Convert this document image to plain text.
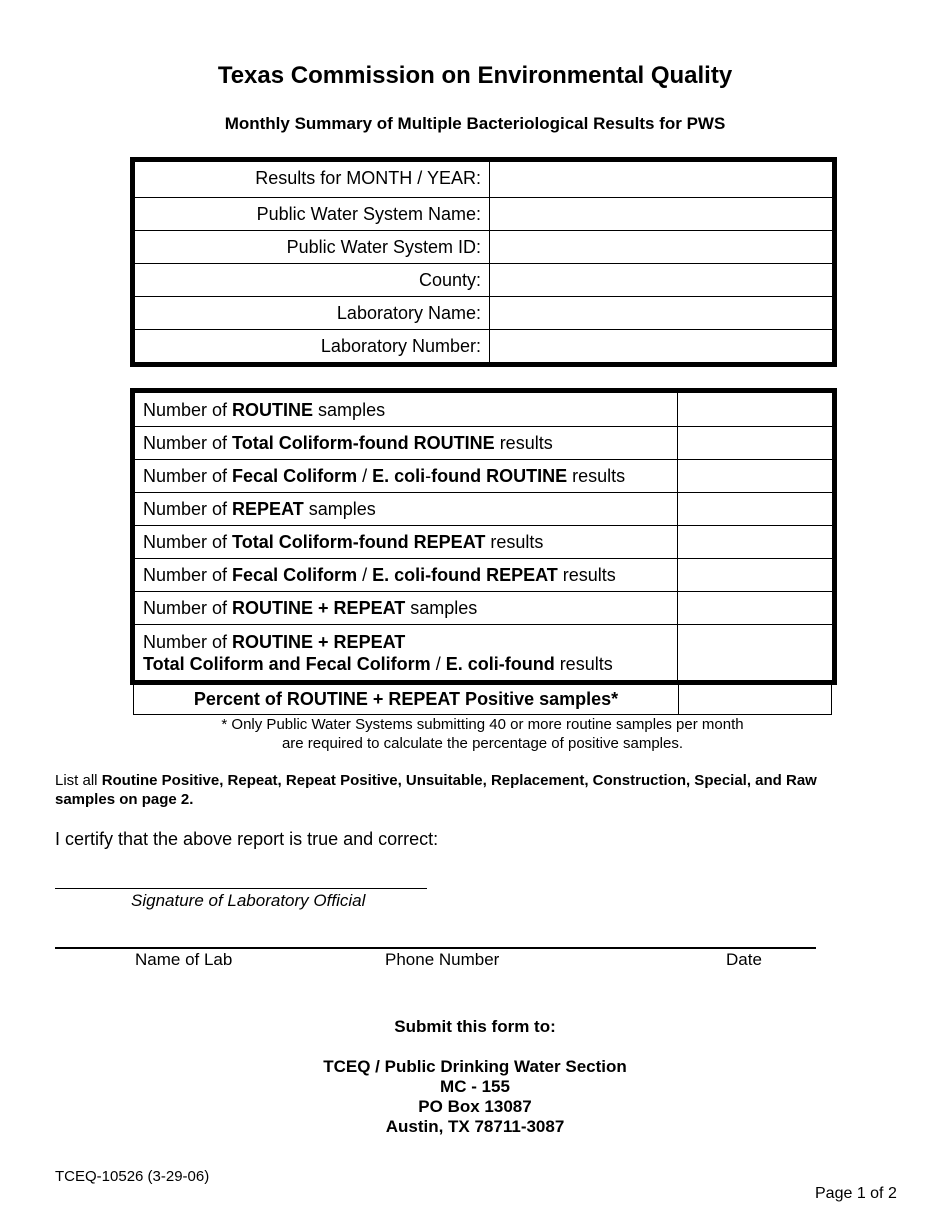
Texas Commission on Environmental Quality
Monthly Summary of Multiple Bacteriological Results for PWS
Results for MONTH / YEAR:
Public Water System Name:
Public Water System ID:
County:
Laboratory Name:
Laboratory Number:
Number of ROUTINE samples
Number of Total Coliform-found ROUTINE results
Number of Fecal Coliform / E. coli-found ROUTINE results
Number of REPEAT samples
Number of Total Coliform-found REPEAT results
Number of Fecal Coliform / E. coli-found REPEAT results
Number of ROUTINE + REPEAT samples
Number of ROUTINE + REPEAT
Total Coliform and Fecal Coliform / E. coli-found results
Percent of ROUTINE + REPEAT Positive samples*
* Only Public Water Systems submitting 40 or more routine samples per month
are required to calculate the percentage of positive samples.
List all Routine Positive, Repeat, Repeat Positive, Unsuitable, Replacement, Construction, Special, and Raw samples on page 2.
I certify that the above report is true and correct:
Signature of Laboratory Official
Name of Lab	Phone Number	Date
Submit this form to:
TCEQ / Public Drinking Water Section
MC - 155
PO Box 13087
Austin, TX 78711-3087
TCEQ-10526 (3-29-06)
Page 1 of 2
